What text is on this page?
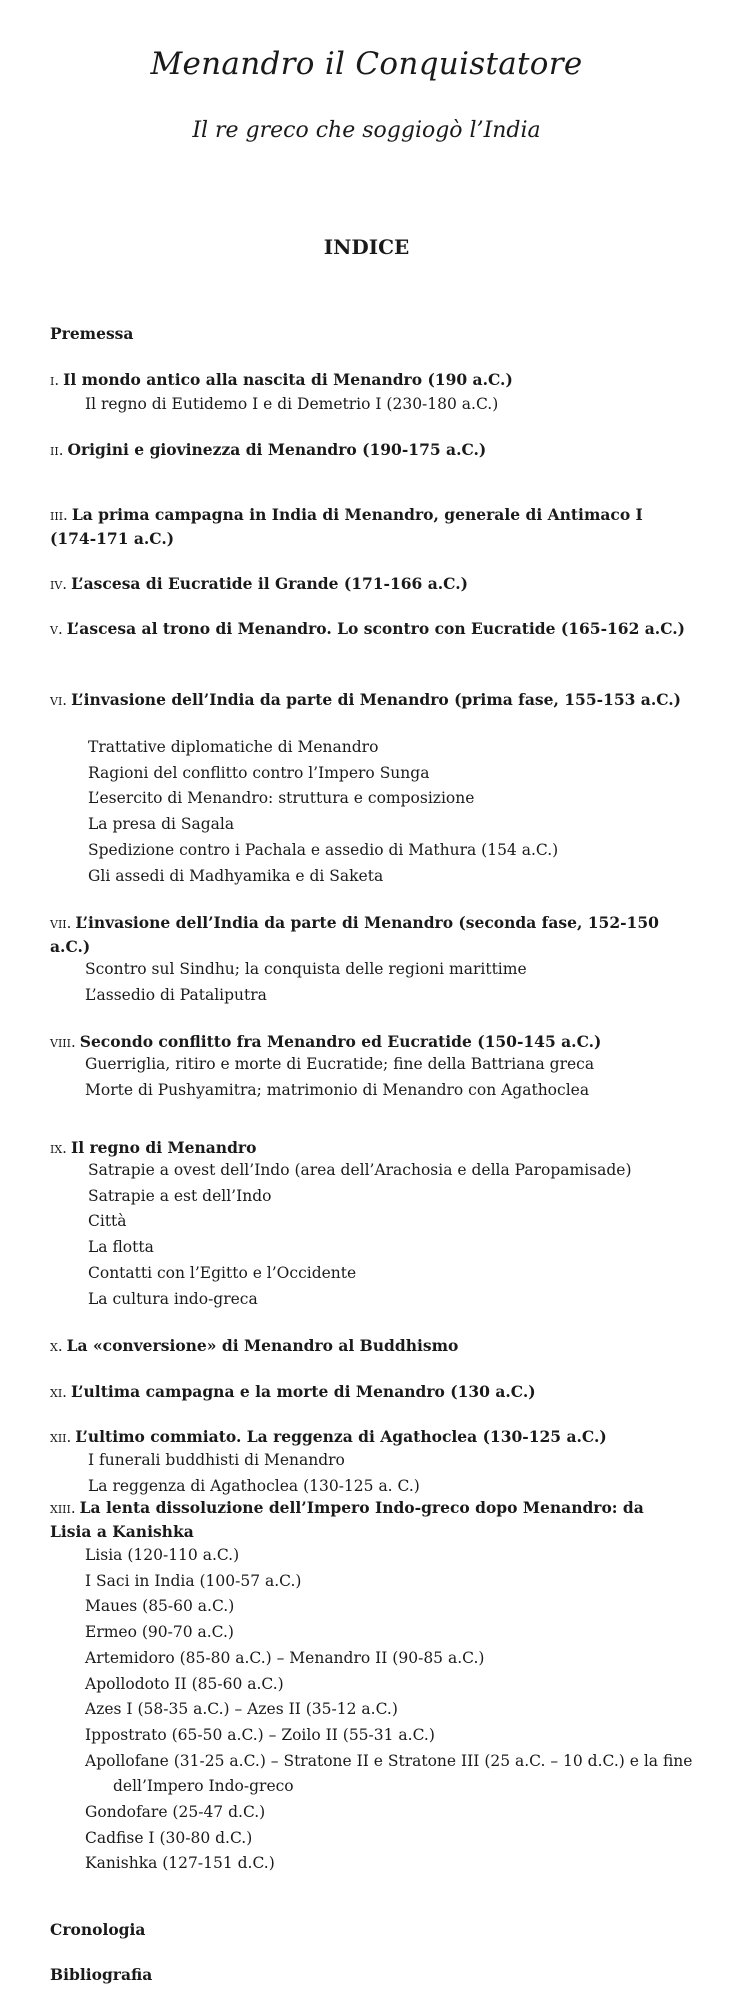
Menandro il Conquistatore
Il re greco che soggiogò l’India
INDICE
Premessa
Cronologia
Bibliografia
i. Il mondo antico alla nascita di Menandro (190 a.C.)
Il regno di Eutidemo I e di Demetrio I (230-180 a.C.)
ii. Origini e giovinezza di Menandro (190-175 a.C.)
iii. La prima campagna in India di Menandro, generale di Antimaco I (174-171 a.C.)
iv. L’ascesa di Eucratide il Grande (171-166 a.C.)
v. L’ascesa al trono di Menandro. Lo scontro con Eucratide (165-162 a.C.)
vi. L’invasione dell’India da parte di Menandro (prima fase, 155-153 a.C.)
Trattative diplomatiche di Menandro
Ragioni del conflitto contro l’Impero Sunga
L’esercito di Menandro: struttura e composizione
La presa di Sagala
Spedizione contro i Pachala e assedio di Mathura (154 a.C.)
Gli assedi di Madhyamika e di Saketa
vii. L’invasione dell’India da parte di Menandro (seconda fase, 152-150 a.C.)
Scontro sul Sindhu; la conquista delle regioni marittime
L’assedio di Pataliputra
viii. Secondo conflitto fra Menandro ed Eucratide (150-145 a.C.)
Guerriglia, ritiro e morte di Eucratide; fine della Battriana greca
Morte di Pushyamitra; matrimonio di Menandro con Agathoclea
ix. Il regno di Menandro
Satrapie a ovest dell’Indo (area dell’Arachosia e della Paropamisade)
Satrapie a est dell’Indo
Città
La flotta
Contatti con l’Egitto e l’Occidente
La cultura indo-greca
x. La «conversione» di Menandro al Buddhismo
xi. L’ultima campagna e la morte di Menandro (130 a.C.)
xii. L’ultimo commiato. La reggenza di Agathoclea (130-125 a.C.)
I funerali buddhisti di Menandro
La reggenza di Agathoclea (130-125 a. C.)
xiii. La lenta dissoluzione dell’Impero Indo-greco dopo Menandro: da Lisia a Kanishka
Lisia (120-110 a.C.)
I Saci in India (100-57 a.C.)
Maues (85-60 a.C.)
Ermeo (90-70 a.C.)
Artemidoro (85-80 a.C.) – Menandro II (90-85 a.C.)
Apollodoto II (85-60 a.C.)
Azes I (58-35 a.C.) – Azes II (35-12 a.C.)
Ippostrato (65-50 a.C.) – Zoilo II (55-31 a.C.)
Apollofane (31-25 a.C.) – Stratone II e Stratone III (25 a.C. – 10 d.C.) e la fine dell’Impero Indo-greco
Gondofare (25-47 d.C.)
Cadfise I (30-80 d.C.)
Kanishka (127-151 d.C.)
